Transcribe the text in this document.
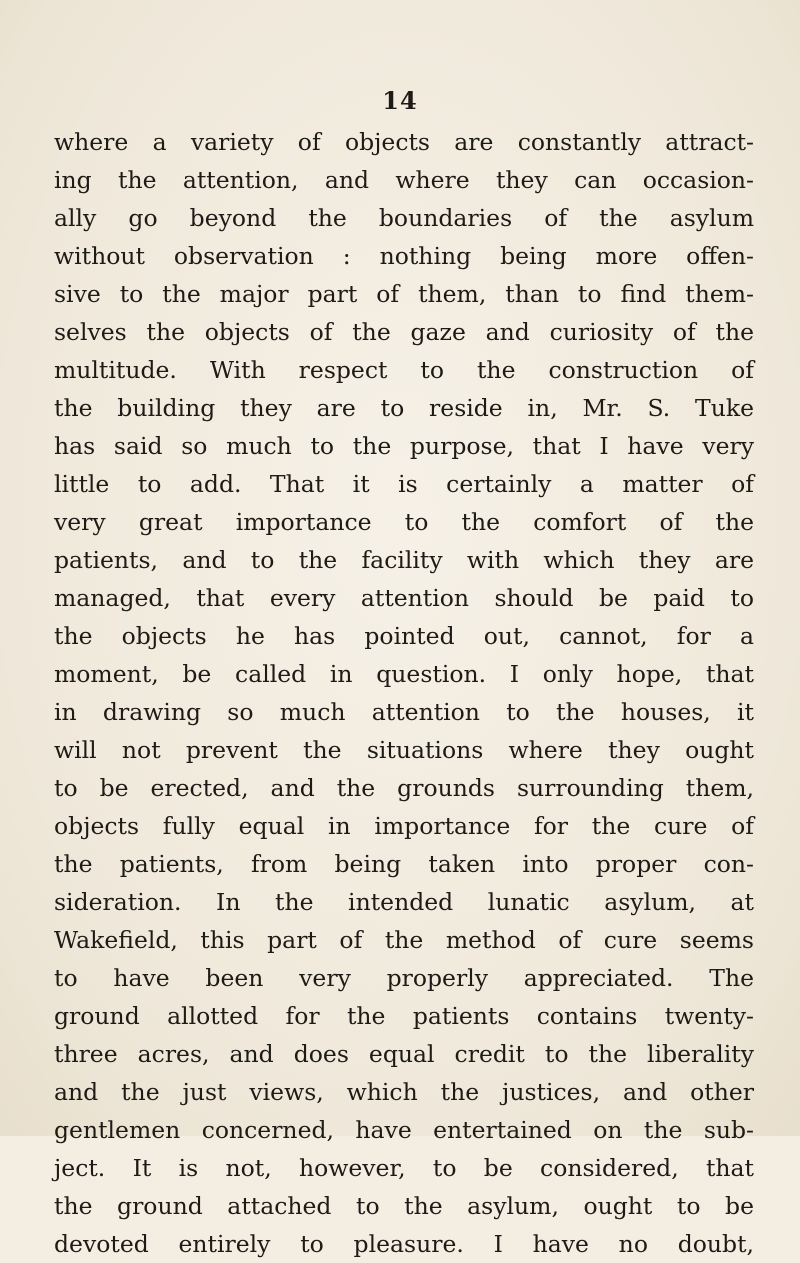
14
where a variety of objects are constantly attract-
ing the attention, and where they can occasion-
ally go beyond the boundaries of the asylum
without observation : nothing being more offen-
sive to the major part of them, than to find them-
selves the objects of the gaze and curiosity of the
multitude. With respect to the construction of
the building they are to reside in, Mr. S. Tuke
has said so much to the purpose, that I have very
little to add. That it is certainly a matter of
very great importance to the comfort of the
patients, and to the facility with which they are
managed, that every attention should be paid to
the objects he has pointed out, cannot, for a
moment, be called in question. I only hope, that
in drawing so much attention to the houses, it
will not prevent the situations where they ought
to be erected, and the grounds surrounding them,
objects fully equal in importance for the cure of
the patients, from being taken into proper con-
sideration. In the intended lunatic asylum, at
Wakefield, this part of the method of cure seems
to have been very properly appreciated. The
ground allotted for the patients contains twenty-
three acres, and does equal credit to the liberality
and the just views, which the justices, and other
gentlemen concerned, have entertained on the sub-
ject. It is not, however, to be considered, that
the ground attached to the asylum, ought to be
devoted entirely to pleasure. I have no doubt,
